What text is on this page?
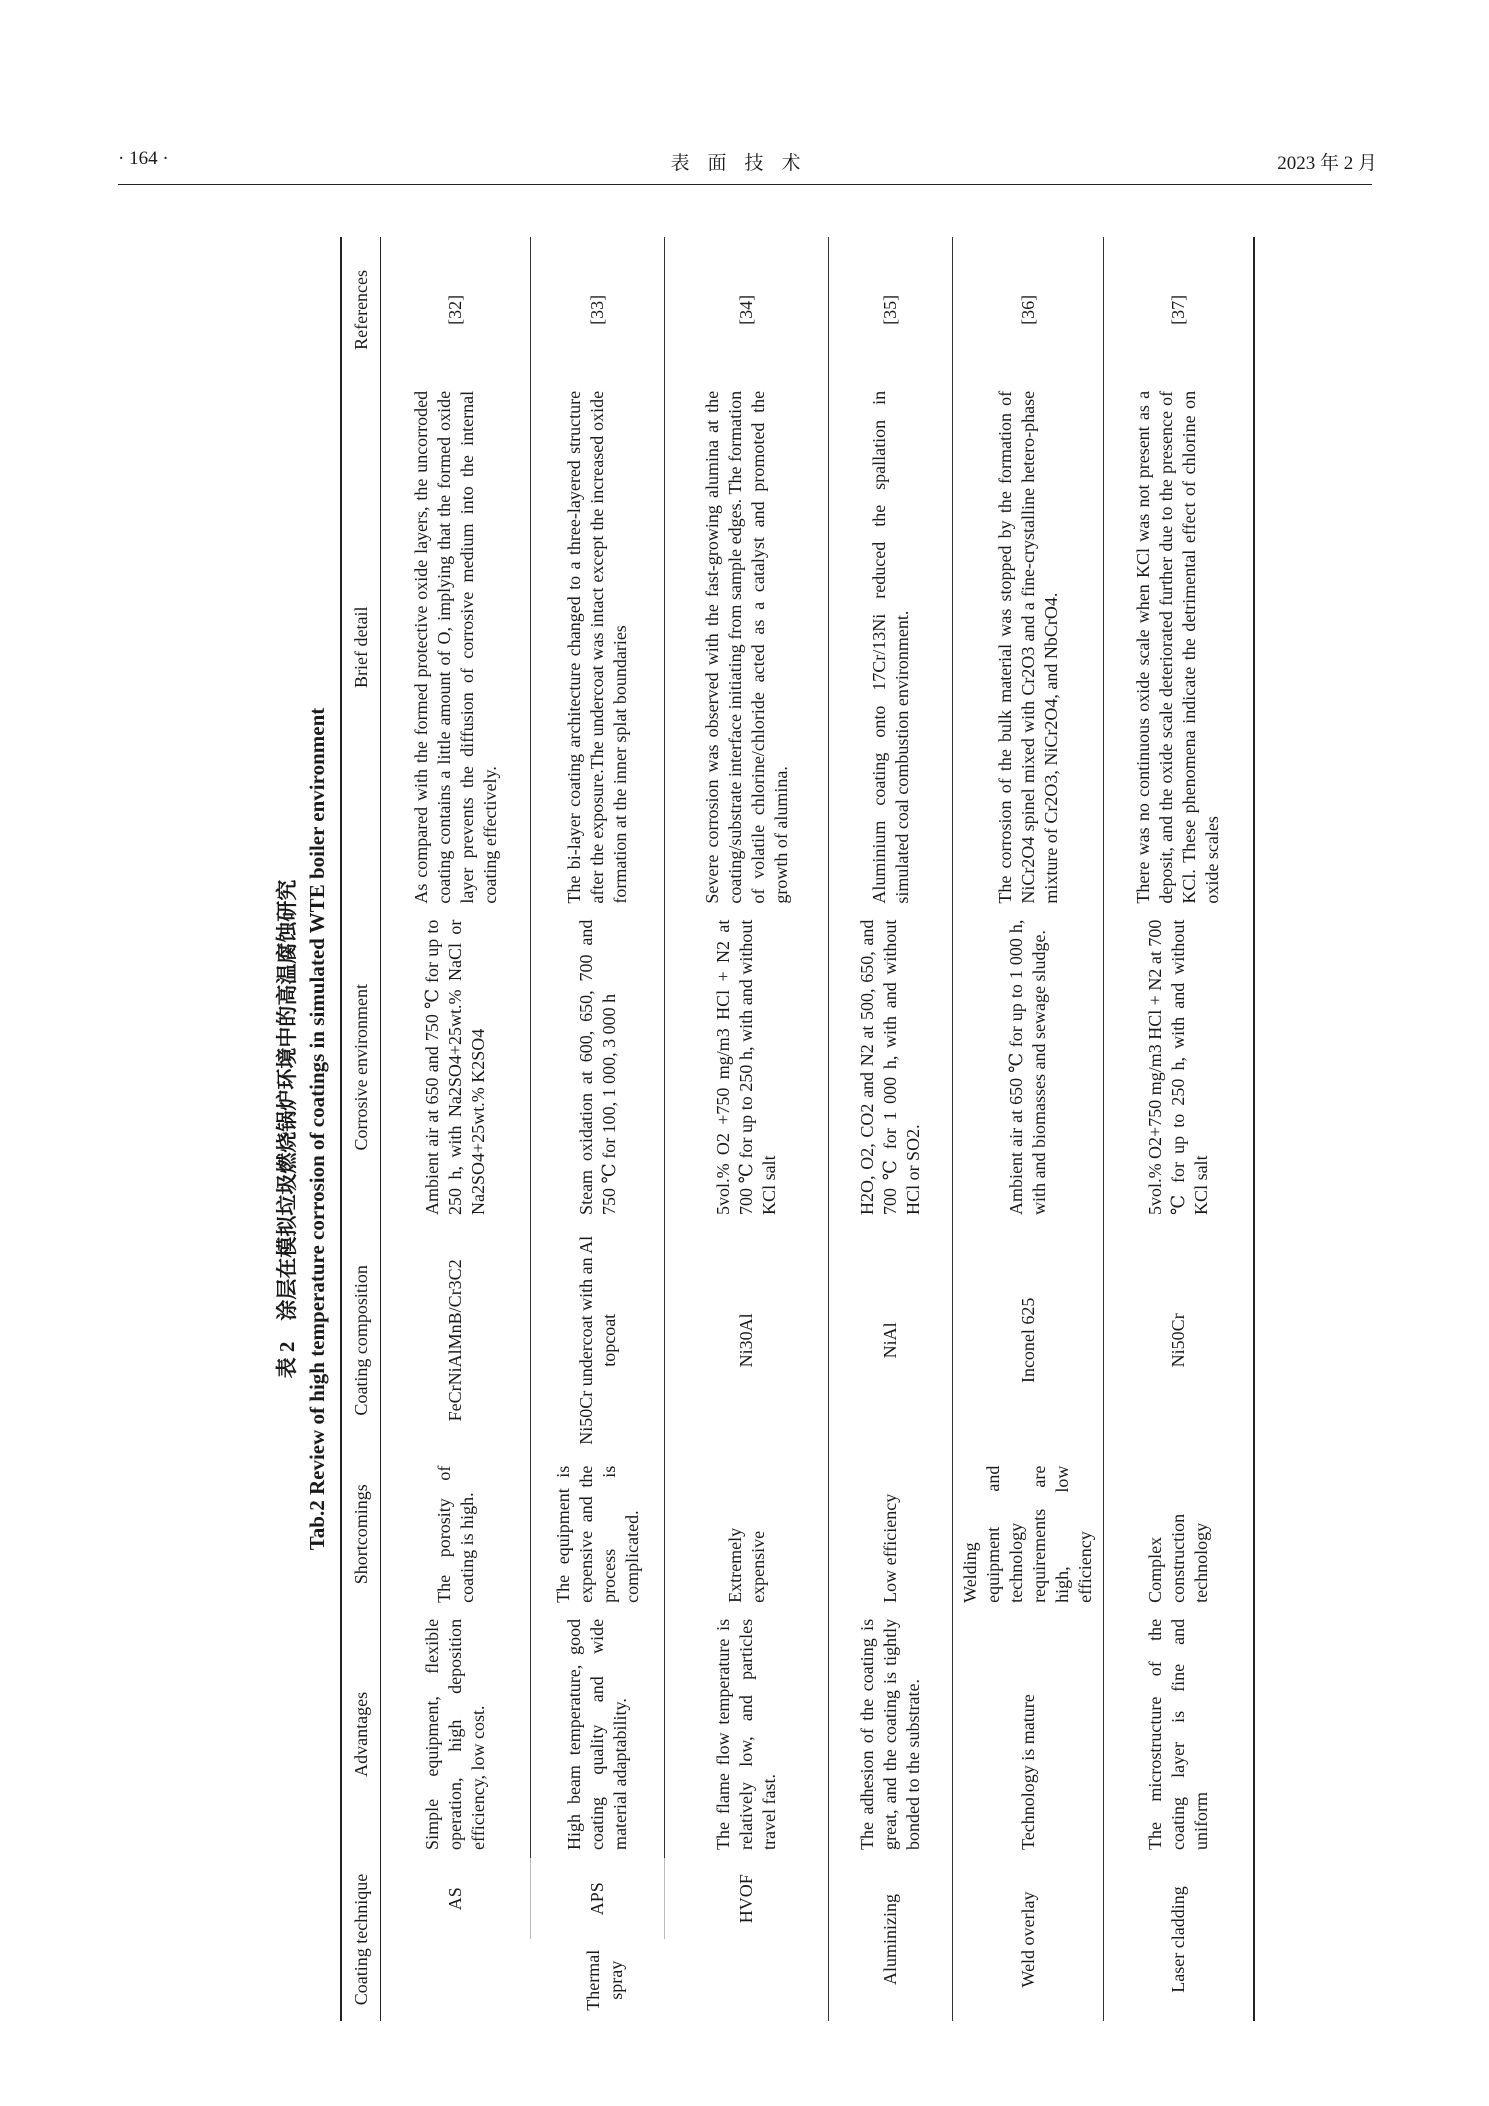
· 164 ·	表面技术	2023 年 2 月
表 2　涂层在模拟垃圾燃烧锅炉环境中的高温腐蚀研究 Tab.2 Review of high temperature corrosion of coatings in simulated WTE boiler environment
Coating technique		Advantages	Shortcomings	Coating composition	Corrosive environment	Brief detail	References
Thermal spray	AS	Simple equipment, flexible operation, high deposition efficiency, low cost.	The porosity of coating is high.	FeCrNiAlMnB/Cr3C2	Ambient air at 650 and 750 ℃ for up to 250 h, with Na2SO4+25wt.% NaCl or Na2SO4+25wt.% K2SO4	As compared with the formed protective oxide layers, the uncorroded coating contains a little amount of O, implying that the formed oxide layer prevents the diffusion of corrosive medium into the internal coating effectively.	[32]
	APS	High beam temperature, good coating quality and wide material adaptability.	The equipment is expensive and the process is complicated.	Ni50Cr undercoat with an Al topcoat	Steam oxidation at 600, 650, 700 and 750 ℃ for 100, 1 000, 3 000 h	The bi-layer coating architecture changed to a three-layered structure after the exposure.The undercoat was intact except the increased oxide formation at the inner splat boundaries	[33]
	HVOF	The flame flow temperature is relatively low, and particles travel fast.	Extremely expensive	Ni30Al	5vol.% O2 +750 mg/m3 HCl + N2 at 700 ℃ for up to 250 h, with and without KCl salt	Severe corrosion was observed with the fast-growing alumina at the coating/substrate interface initiating from sample edges. The formation of volatile chlorine/chloride acted as a catalyst and promoted the growth of alumina.	[34]
Aluminizing		The adhesion of the coating is great, and the coating is tightly bonded to the substrate.	Low efficiency	NiAl	H2O, O2, CO2 and N2 at 500, 650, and 700 ℃ for 1 000 h, with and without HCl or SO2.	Aluminium coating onto 17Cr/13Ni reduced the spallation in simulated coal combustion environment.	[35]
Weld overlay		Technology is mature	Welding equipment and technology requirements are high, low efficiency	Inconel 625	Ambient air at 650 ℃ for up to 1 000 h, with and biomasses and sewage sludge.	The corrosion of the bulk material was stopped by the formation of NiCr2O4 spinel mixed with Cr2O3 and a fine-crystalline hetero-phase mixture of Cr2O3, NiCr2O4, and NbCrO4.	[36]
Laser cladding		The microstructure of the coating layer is fine and uniform	Complex construction technology	Ni50Cr	5vol.% O2+750 mg/m3 HCl + N2 at 700 ℃ for up to 250 h, with and without KCl salt	There was no continuous oxide scale when KCl was not present as a deposit, and the oxide scale deteriorated further due to the presence of KCl. These phenomena indicate the detrimental effect of chlorine on oxide scales	[37]
